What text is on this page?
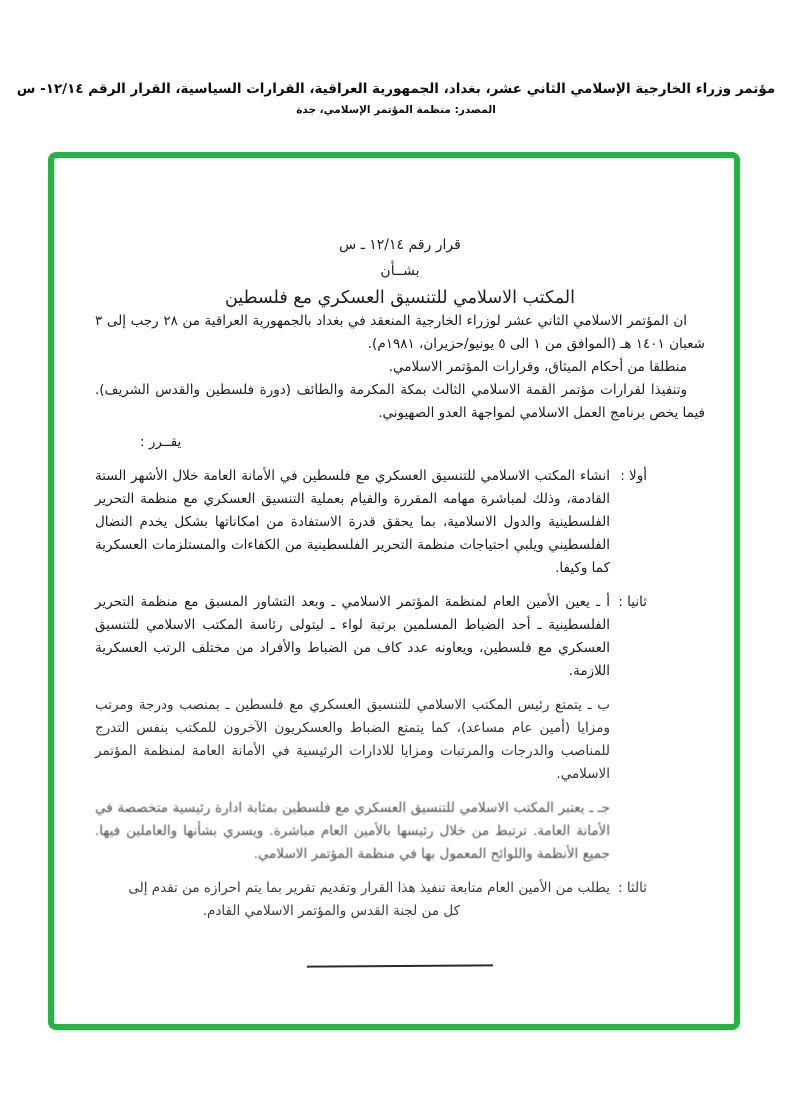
مؤتمر وزراء الخارجية الإسلامي الثاني عشر، بغداد، الجمهورية العراقية، القرارات السياسية، القرار الرقم ١٢/١٤- س
المصدر: منظمة المؤتمر الإسلامي، جدة
قرار رقم ١٢/١٤ ـ س
بشــأن
المكتب الاسلامي للتنسيق العسكري مع فلسطين

ان المؤتمر الاسلامي الثاني عشر لوزراء الخارجية المنعقد في بغداد بالجمهورية العراقية من ٢٨ رجب إلى ٣ شعبان ١٤٠١ هـ (الموافق من ١ الى ٥ يونيو/حزيران، ١٩٨١م).

منطلقا من أحكام الميثاق، وقرارات المؤتمر الاسلامي.

وتنفيذا لقرارات مؤتمر القمة الاسلامي الثالث بمكة المكرمة والطائف (دورة فلسطين والقدس الشريف). فيما يخص برنامج العمل الاسلامي لمواجهة العدو الصهيوني.

يقــرر :
أولا :
انشاء المكتب الاسلامي للتنسيق العسكري مع فلسطين في الأمانة العامة خلال الأشهر الستة القادمة، وذلك لمباشرة مهامه المقررة والقيام بعملية التنسيق العسكري مع منظمة التحرير الفلسطينية والدول الاسلامية، بما يحقق قدرة الاستفادة من امكاناتها بشكل يخدم النضال الفلسطيني ويلبي احتياجات منظمة التحرير الفلسطينية من الكفاءات والمستلزمات العسكرية كما وكيفا.
ثانيا :
أ ـ يعين الأمين العام لمنظمة المؤتمر الاسلامي ـ وبعد التشاور المسبق مع منظمة التحرير الفلسطينية ـ أحد الضباط المسلمين برتبة لواء ـ ليتولى رئاسة المكتب الاسلامي للتنسيق العسكري مع فلسطين، ويعاونه عدد كاف من الضباط والأفراد من مختلف الرتب العسكرية اللازمة.
ب ـ يتمتع رئيس المكتب الاسلامي للتنسيق العسكري مع فلسطين ـ بمنصب ودرجة ومرتب ومزايا (أمين عام مساعد)، كما يتمتع الضباط والعسكريون الآخرون للمكتب بنفس التدرج للمناصب والدرجات والمرتبات ومزايا للادارات الرئيسية في الأمانة العامة لمنظمة المؤتمر الاسلامي.
جـ ـ يعتبر المكتب الاسلامي للتنسيق العسكري مع فلسطين بمثابة ادارة رئيسية متخصصة في الأمانة العامة. ترتبط من خلال رئيسها بالأمين العام مباشرة. ويسري بشأنها والعاملين فيها. جميع الأنظمة واللوائح المعمول بها في منظمة المؤتمر الاسلامي.
ثالثا :
يطلب من الأمين العام متابعة تنفيذ هذا القرار وتقديم تقرير بما يتم احرازه من تقدم إلى
كل من لجنة القدس والمؤتمر الاسلامي القادم.
